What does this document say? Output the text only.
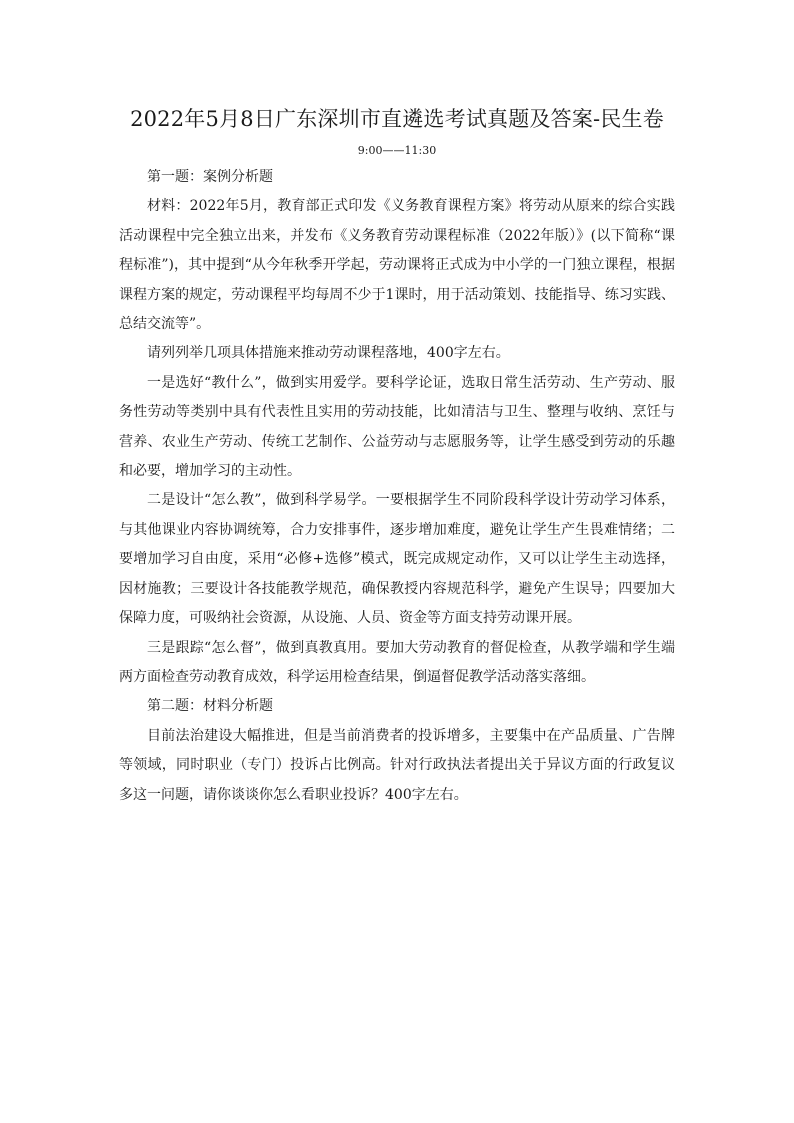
2022年5月8日广东深圳市直遴选考试真题及答案-民生卷
9:00——11:30

第一题：案例分析题

材料：2022年5月，教育部正式印发《义务教育课程方案》将劳动从原来的综合实践活动课程中完全独立出来，并发布《义务教育劳动课程标准（2022年版）》(以下简称“课程标准”)，其中提到“从今年秋季开学起，劳动课将正式成为中小学的一门独立课程，根据课程方案的规定，劳动课程平均每周不少于1课时，用于活动策划、技能指导、练习实践、总结交流等”。

请列列举几项具体措施来推动劳动课程落地，400字左右。

一是选好“教什么”，做到实用爱学。要科学论证，选取日常生活劳动、生产劳动、服务性劳动等类别中具有代表性且实用的劳动技能，比如清洁与卫生、整理与收纳、烹饪与营养、农业生产劳动、传统工艺制作、公益劳动与志愿服务等，让学生感受到劳动的乐趣和必要，增加学习的主动性。

二是设计“怎么教”，做到科学易学。一要根据学生不同阶段科学设计劳动学习体系，与其他课业内容协调统筹，合力安排事件，逐步增加难度，避免让学生产生畏难情绪；二要增加学习自由度，采用“必修+选修”模式，既完成规定动作，又可以让学生主动选择，因材施教；三要设计各技能教学规范，确保教授内容规范科学，避免产生误导；四要加大保障力度，可吸纳社会资源，从设施、人员、资金等方面支持劳动课开展。

三是跟踪“怎么督”，做到真教真用。要加大劳动教育的督促检查，从教学端和学生端两方面检查劳动教育成效，科学运用检查结果，倒逼督促教学活动落实落细。

第二题：材料分析题

目前法治建设大幅推进，但是当前消费者的投诉增多，主要集中在产品质量、广告牌等领域，同时职业（专门）投诉占比例高。针对行政执法者提出关于异议方面的行政复议多这一问题，请你谈谈你怎么看职业投诉？400字左右。
